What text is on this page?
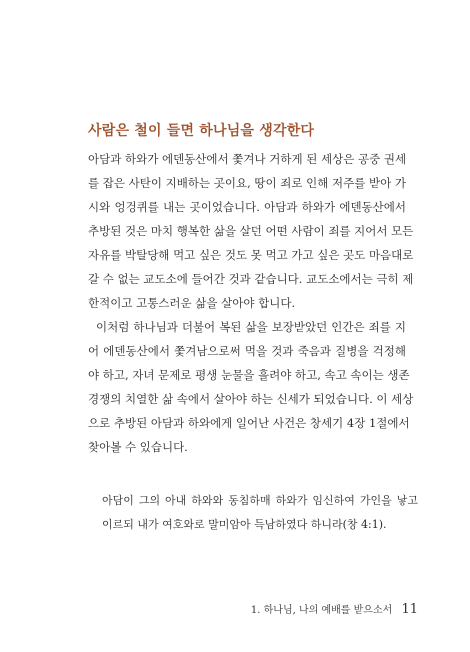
사람은 철이 들면 하나님을 생각한다
아담과 하와가 에덴동산에서 쫓겨나 거하게 된 세상은 공중 권세
를 잡은 사탄이 지배하는 곳이요, 땅이 죄로 인해 저주를 받아 가
시와 엉겅퀴를 내는 곳이었습니다. 아담과 하와가 에덴동산에서
추방된 것은 마치 행복한 삶을 살던 어떤 사람이 죄를 지어서 모든
자유를 박탈당해 먹고 싶은 것도 못 먹고 가고 싶은 곳도 마음대로
갈 수 없는 교도소에 들어간 것과 같습니다. 교도소에서는 극히 제
한적이고 고통스러운 삶을 살아야 합니다.
이처럼 하나님과 더불어 복된 삶을 보장받았던 인간은 죄를 지
어 에덴동산에서 쫓겨남으로써 먹을 것과 죽음과 질병을 걱정해
야 하고, 자녀 문제로 평생 눈물을 흘려야 하고, 속고 속이는 생존
경쟁의 치열한 삶 속에서 살아야 하는 신세가 되었습니다. 이 세상
으로 추방된 아담과 하와에게 일어난 사건은 창세기 4장 1절에서
찾아볼 수 있습니다.
아담이 그의 아내 하와와 동침하매 하와가 임신하여 가인을 낳고
이르되 내가 여호와로 말미암아 득남하였다 하니라(창 4:1).
1. 하나님, 나의 예배를 받으소서 11
